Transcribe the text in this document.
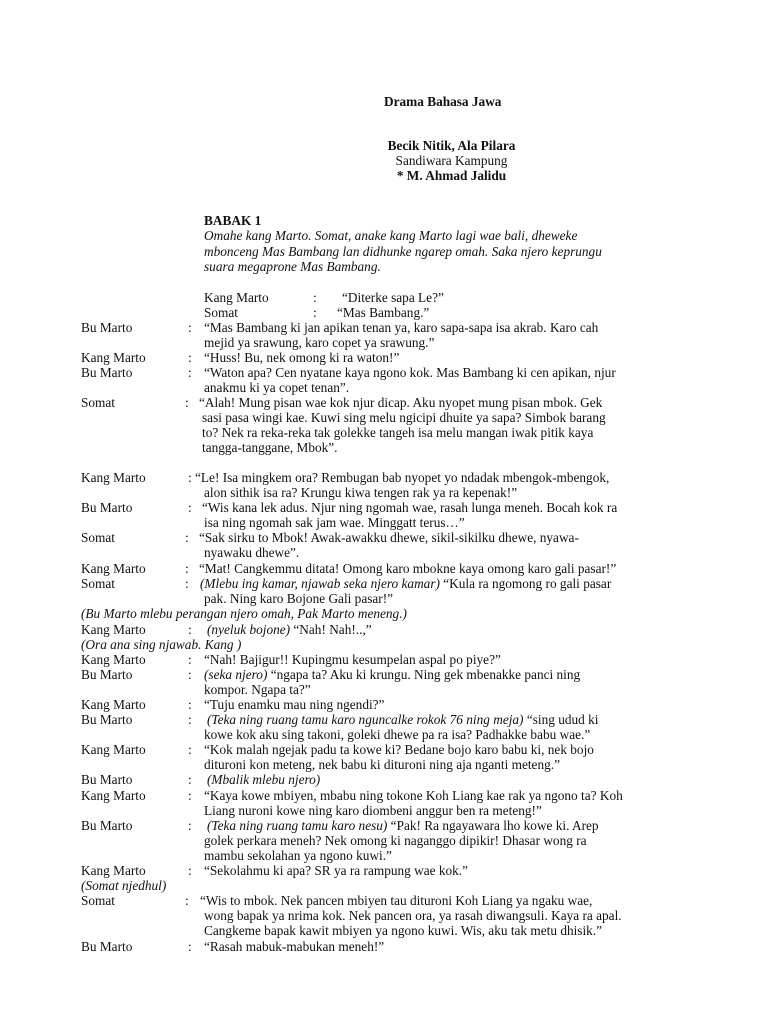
Drama Bahasa Jawa
Becik Nitik, Ala Pilara
Sandiwara Kampung
* M. Ahmad Jalidu
BABAK 1
Omahe kang Marto. Somat, anake kang Marto lagi wae bali, dheweke
mbonceng Mas Bambang lan didhunke ngarep omah. Saka njero keprungu
suara megaprone Mas Bambang.
Kang Marto	: “Diterke sapa Le?”
Somat	: “Mas Bambang.”
Bu Marto	: “Mas Bambang ki jan apikan tenan ya, karo sapa-sapa isa akrab. Karo cah
mejid ya srawung, karo copet ya srawung.”
Kang Marto	: “Huss! Bu, nek omong ki ra waton!”
Bu Marto	: “Waton apa? Cen nyatane kaya ngono kok. Mas Bambang ki cen apikan, njur
anakmu ki ya copet tenan”.
Somat	: “Alah! Mung pisan wae kok njur dicap. Aku nyopet mung pisan mbok. Gek
sasi pasa wingi kae. Kuwi sing melu ngicipi dhuite ya sapa? Simbok barang
to? Nek ra reka-reka tak golekke tangeh isa melu mangan iwak pitik kaya
tangga-tanggane, Mbok”.
Kang Marto	: “Le! Isa mingkem ora? Rembugan bab nyopet yo ndadak mbengok-mbengok,
alon sithik isa ra? Krungu kiwa tengen rak ya ra kepenak!”
Bu Marto	: “Wis kana lek adus. Njur ning ngomah wae, rasah lunga meneh. Bocah kok ra
isa ning ngomah sak jam wae. Minggatt terus…”
Somat	: “Sak sirku to Mbok! Awak-awakku dhewe, sikil-sikilku dhewe, nyawa-
nyawaku dhewe”.
Kang Marto	: “Mat! Cangkemmu ditata! Omong karo mbokne kaya omong karo gali pasar!”
Somat	: (Mlebu ing kamar, njawab seka njero kamar) “Kula ra ngomong ro gali pasar
pak. Ning karo Bojone Gali pasar!”
(Bu Marto mlebu perangan njero omah, Pak Marto meneng.)
Kang Marto	: (nyeluk bojone) “Nah! Nah!..,”
(Ora ana sing njawab. Kang )
Kang Marto	: “Nah! Bajigur!! Kupingmu kesumpelan aspal po piye?”
Bu Marto	: (seka njero) “ngapa ta? Aku ki krungu. Ning gek mbenakke panci ning
kompor. Ngapa ta?”
Kang Marto	: “Tuju enamku mau ning ngendi?”
Bu Marto	: (Teka ning ruang tamu karo nguncalke rokok 76 ning meja) “sing udud ki
kowe kok aku sing takoni, goleki dhewe pa ra isa? Padhakke babu wae.”
Kang Marto	: “Kok malah ngejak padu ta kowe ki? Bedane bojo karo babu ki, nek bojo
dituroni kon meteng, nek babu ki dituroni ning aja nganti meteng.”
Bu Marto	: (Mbalik mlebu njero)
Kang Marto	: “Kaya kowe mbiyen, mbabu ning tokone Koh Liang kae rak ya ngono ta? Koh
Liang nuroni kowe ning karo diombeni anggur ben ra meteng!”
Bu Marto	: (Teka ning ruang tamu karo nesu) “Pak! Ra ngayawara lho kowe ki. Arep
golek perkara meneh? Nek omong ki naganggo dipikir! Dhasar wong ra
mambu sekolahan ya ngono kuwi.”
Kang Marto	: “Sekolahmu ki apa? SR ya ra rampung wae kok.”
(Somat njedhul)
Somat	: “Wis to mbok. Nek pancen mbiyen tau dituroni Koh Liang ya ngaku wae,
wong bapak ya nrima kok. Nek pancen ora, ya rasah diwangsuli. Kaya ra apal.
Cangkeme bapak kawit mbiyen ya ngono kuwi. Wis, aku tak metu dhisik.”
Bu Marto	: “Rasah mabuk-mabukan meneh!”
